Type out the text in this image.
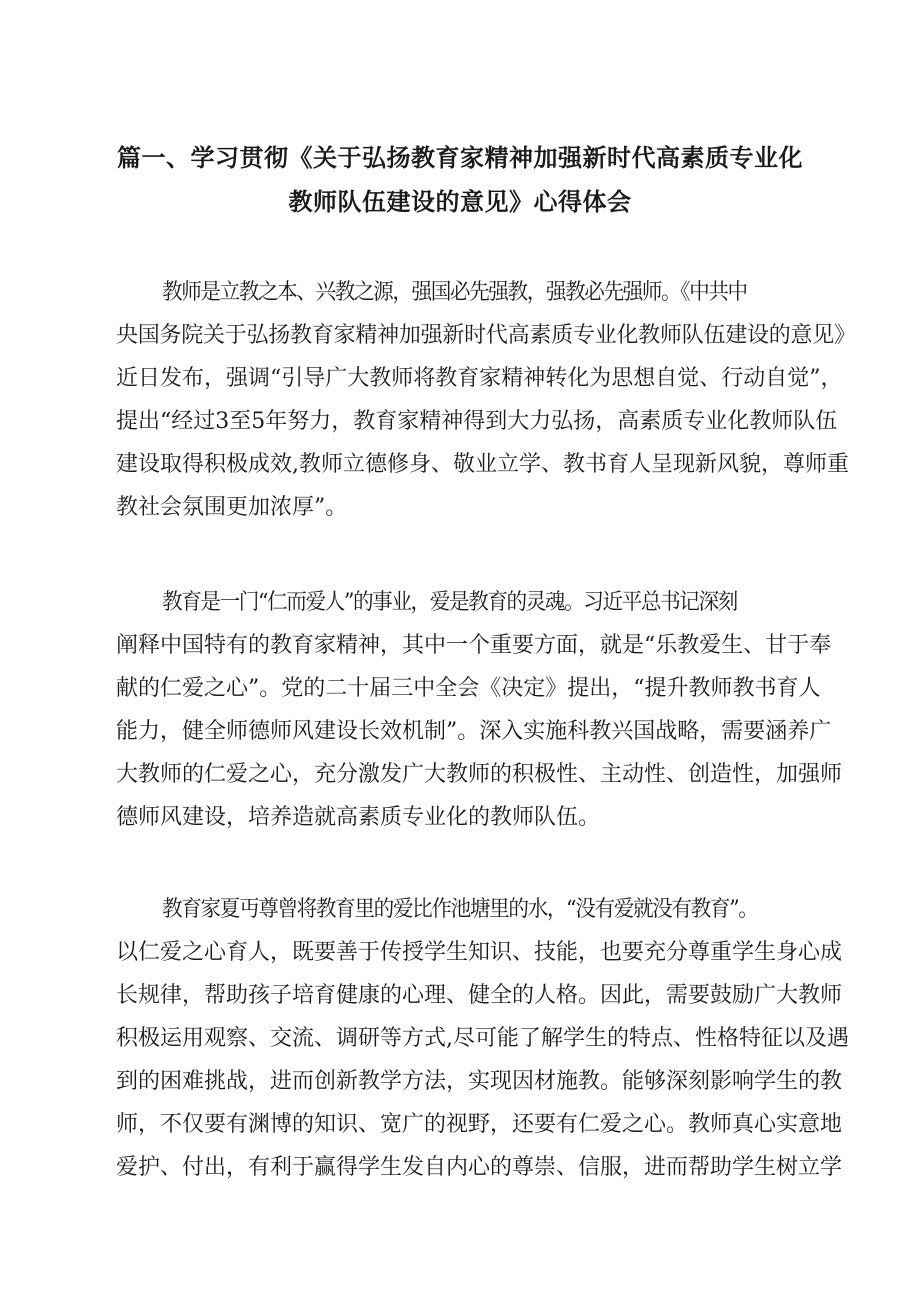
篇一、学习贯彻《关于弘扬教育家精神加强新时代高素质专业化
教师队伍建设的意见》心得体会
教师是立教之本、兴教之源，强国必先强教，强教必先强师。《中共中
央国务院关于弘扬教育家精神加强新时代高素质专业化教师队伍建设的意见》
近日发布，强调“引导广大教师将教育家精神转化为思想自觉、行动自觉”，
提出“经过3至5年努力，教育家精神得到大力弘扬，高素质专业化教师队伍
建设取得积极成效,教师立德修身、敬业立学、教书育人呈现新风貌，尊师重
教社会氛围更加浓厚”。
教育是一门“仁而爱人”的事业，爱是教育的灵魂。习近平总书记深刻
阐释中国特有的教育家精神，其中一个重要方面，就是“乐教爱生、甘于奉
献的仁爱之心”。党的二十届三中全会《决定》提出，“提升教师教书育人
能力，健全师德师风建设长效机制”。深入实施科教兴国战略，需要涵养广
大教师的仁爱之心，充分激发广大教师的积极性、主动性、创造性，加强师
德师风建设，培养造就高素质专业化的教师队伍。
教育家夏丏尊曾将教育里的爱比作池塘里的水，“没有爱就没有教育”。
以仁爱之心育人，既要善于传授学生知识、技能，也要充分尊重学生身心成
长规律，帮助孩子培育健康的心理、健全的人格。因此，需要鼓励广大教师
积极运用观察、交流、调研等方式,尽可能了解学生的特点、性格特征以及遇
到的困难挑战，进而创新教学方法，实现因材施教。能够深刻影响学生的教
师，不仅要有渊博的知识、宽广的视野，还要有仁爱之心。教师真心实意地
爱护、付出，有利于赢得学生发自内心的尊崇、信服，进而帮助学生树立学
